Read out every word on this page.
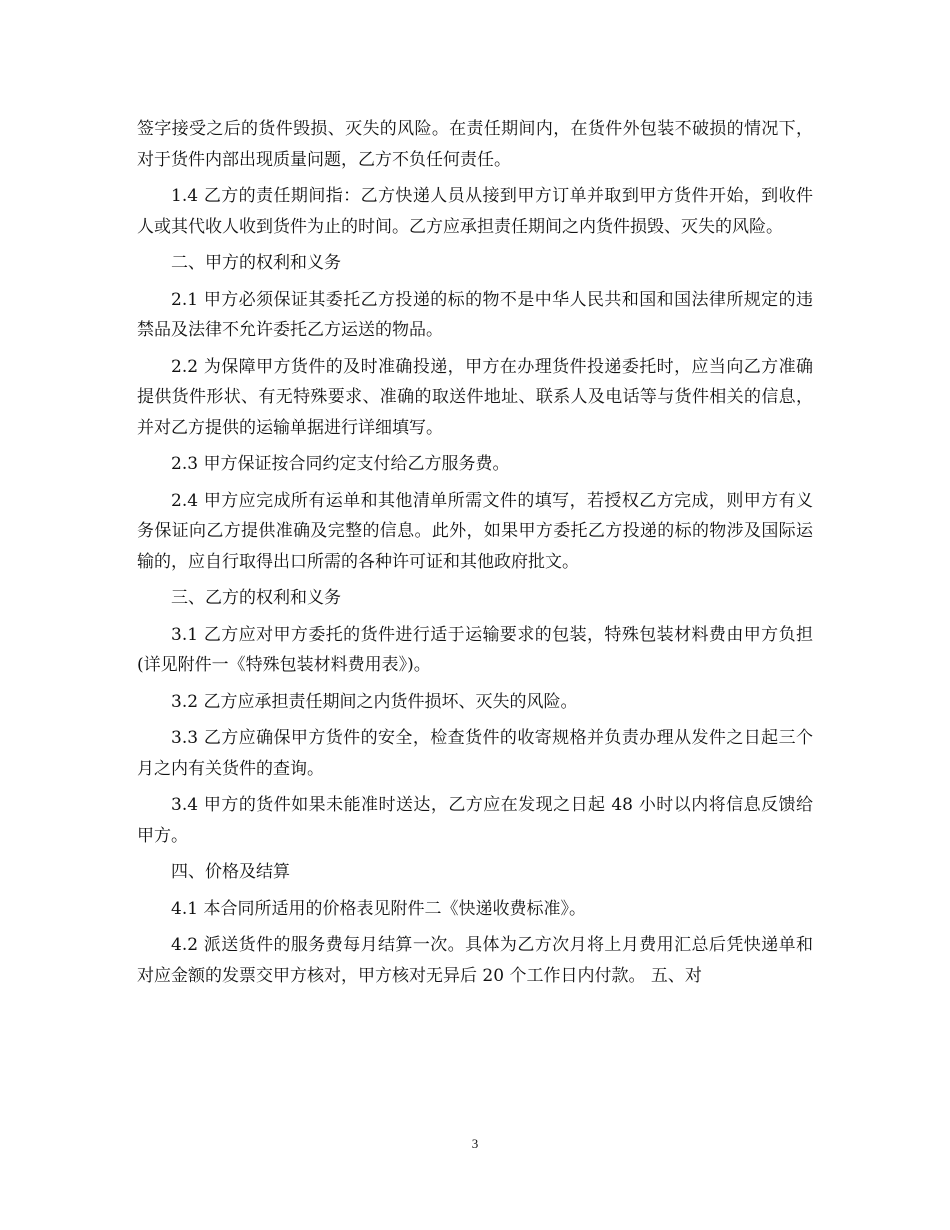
签字接受之后的货件毁损、灭失的风险。在责任期间内，在货件外包装不破损的情况下，对于货件内部出现质量问题，乙方不负任何责任。

1.4 乙方的责任期间指：乙方快递人员从接到甲方订单并取到甲方货件开始，到收件人或其代收人收到货件为止的时间。乙方应承担责任期间之内货件损毁、灭失的风险。

二、甲方的权利和义务

2.1 甲方必须保证其委托乙方投递的标的物不是中华人民共和国和国法律所规定的违禁品及法律不允许委托乙方运送的物品。

2.2 为保障甲方货件的及时准确投递，甲方在办理货件投递委托时，应当向乙方准确提供货件形状、有无特殊要求、准确的取送件地址、联系人及电话等与货件相关的信息，并对乙方提供的运输单据进行详细填写。

2.3 甲方保证按合同约定支付给乙方服务费。

2.4 甲方应完成所有运单和其他清单所需文件的填写，若授权乙方完成，则甲方有义务保证向乙方提供准确及完整的信息。此外，如果甲方委托乙方投递的标的物涉及国际运输的，应自行取得出口所需的各种许可证和其他政府批文。

三、乙方的权利和义务

3.1 乙方应对甲方委托的货件进行适于运输要求的包装，特殊包装材料费由甲方负担(详见附件一《特殊包装材料费用表》)。

3.2 乙方应承担责任期间之内货件损坏、灭失的风险。

3.3 乙方应确保甲方货件的安全，检查货件的收寄规格并负责办理从发件之日起三个月之内有关货件的查询。

3.4 甲方的货件如果未能准时送达，乙方应在发现之日起 48 小时以内将信息反馈给甲方。

四、价格及结算

4.1 本合同所适用的价格表见附件二《快递收费标准》。

4.2 派送货件的服务费每月结算一次。具体为乙方次月将上月费用汇总后凭快递单和对应金额的发票交甲方核对，甲方核对无异后 20 个工作日内付款。 五、对

3
